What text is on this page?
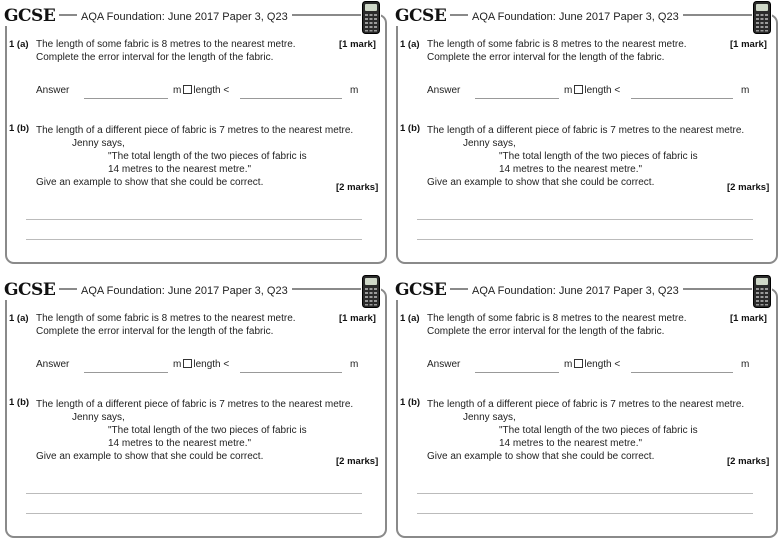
GCSE	AQA Foundation: June 2017 Paper 3, Q23
1 (a) The length of some fabric is 8 metres to the nearest metre.
Complete the error interval for the length of the fabric.
[1 mark]
Answer	m length <	m
1 (b) The length of a different piece of fabric is 7 metres to the nearest metre.
Jenny says,
"The total length of the two pieces of fabric is
14 metres to the nearest metre."
Give an example to show that she could be correct.	[2 marks]
GCSE	AQA Foundation: June 2017 Paper 3, Q23
1 (a) The length of some fabric is 8 metres to the nearest metre.
Complete the error interval for the length of the fabric.
[1 mark]
Answer	m length <	m
1 (b) The length of a different piece of fabric is 7 metres to the nearest metre.
Jenny says,
"The total length of the two pieces of fabric is
14 metres to the nearest metre."
Give an example to show that she could be correct.	[2 marks]
GCSE	AQA Foundation: June 2017 Paper 3, Q23
1 (a) The length of some fabric is 8 metres to the nearest metre.
Complete the error interval for the length of the fabric.
[1 mark]
Answer	m length <	m
1 (b) The length of a different piece of fabric is 7 metres to the nearest metre.
Jenny says,
"The total length of the two pieces of fabric is
14 metres to the nearest metre."
Give an example to show that she could be correct.	[2 marks]
GCSE	AQA Foundation: June 2017 Paper 3, Q23
1 (a) The length of some fabric is 8 metres to the nearest metre.
Complete the error interval for the length of the fabric.
[1 mark]
Answer	m length <	m
1 (b) The length of a different piece of fabric is 7 metres to the nearest metre.
Jenny says,
"The total length of the two pieces of fabric is
14 metres to the nearest metre."
Give an example to show that she could be correct.	[2 marks]
